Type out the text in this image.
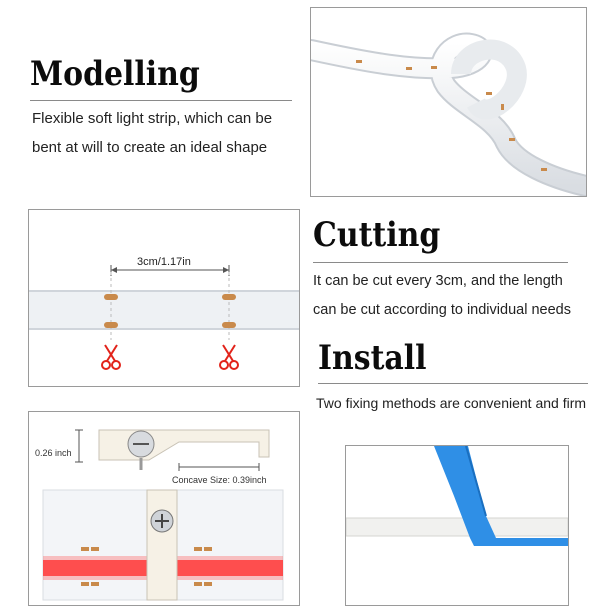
Modelling
Flexible soft light strip, which can be
bent at will to create an ideal shape
3cm/1.17in
Cutting
It can be cut every 3cm, and the length
can be cut according to individual needs
Install
Two fixing methods are convenient and firm
0.26 inch
Concave Size: 0.39inch
